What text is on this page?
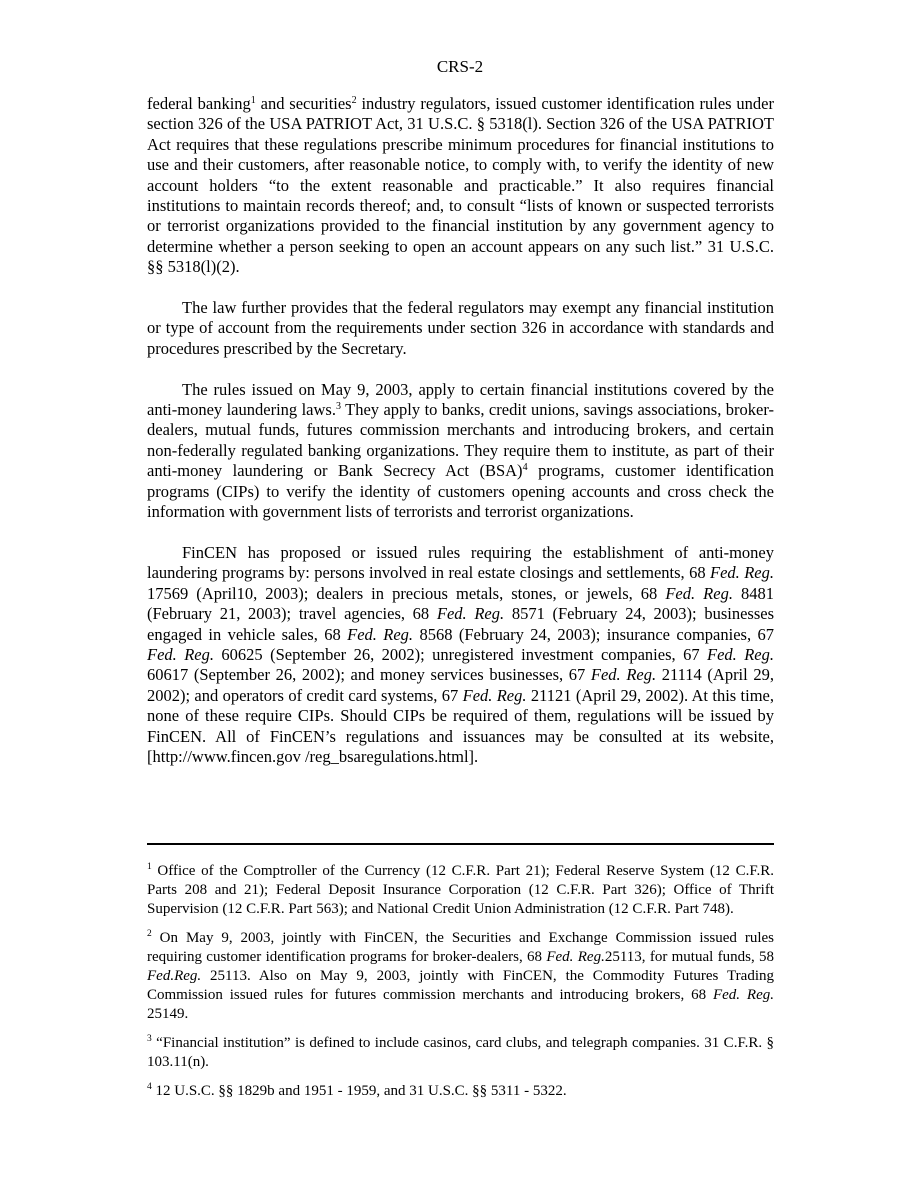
CRS-2

federal banking$^1$ and securities$^2$ industry regulators, issued customer identification rules under section 326 of the USA PATRIOT Act, 31 U.S.C. § 5318(l). Section 326 of the USA PATRIOT Act requires that these regulations prescribe minimum procedures for financial institutions to use and their customers, after reasonable notice, to comply with, to verify the identity of new account holders “to the extent reasonable and practicable.” It also requires financial institutions to maintain records thereof; and, to consult “lists of known or suspected terrorists or terrorist organizations provided to the financial institution by any government agency to determine whether a person seeking to open an account appears on any such list.” 31 U.S.C. §§ 5318(l)(2).

The law further provides that the federal regulators may exempt any financial institution or type of account from the requirements under section 326 in accordance with standards and procedures prescribed by the Secretary.

The rules issued on May 9, 2003, apply to certain financial institutions covered by the anti-money laundering laws.$^3$ They apply to banks, credit unions, savings associations, broker-dealers, mutual funds, futures commission merchants and introducing brokers, and certain non-federally regulated banking organizations. They require them to institute, as part of their anti-money laundering or Bank Secrecy Act (BSA)$^4$ programs, customer identification programs (CIPs) to verify the identity of customers opening accounts and cross check the information with government lists of terrorists and terrorist organizations.

FinCEN has proposed or issued rules requiring the establishment of anti-money laundering programs by: persons involved in real estate closings and settlements, 68 Fed. Reg. 17569 (April10, 2003); dealers in precious metals, stones, or jewels, 68 Fed. Reg. 8481 (February 21, 2003); travel agencies, 68 Fed. Reg. 8571 (February 24, 2003); businesses engaged in vehicle sales, 68 Fed. Reg. 8568 (February 24, 2003); insurance companies, 67 Fed. Reg. 60625 (September 26, 2002); unregistered investment companies, 67 Fed. Reg. 60617 (September 26, 2002); and money services businesses, 67 Fed. Reg. 21114 (April 29, 2002); and operators of credit card systems, 67 Fed. Reg. 21121 (April 29, 2002). At this time, none of these require CIPs. Should CIPs be required of them, regulations will be issued by FinCEN. All of FinCEN’s regulations and issuances may be consulted at its website, [http://www.fincen.gov /reg_bsaregulations.html].

$^1$ Office of the Comptroller of the Currency (12 C.F.R. Part 21); Federal Reserve System (12 C.F.R. Parts 208 and 21); Federal Deposit Insurance Corporation (12 C.F.R. Part 326); Office of Thrift Supervision (12 C.F.R. Part 563); and National Credit Union Administration (12 C.F.R. Part 748).

$^2$ On May 9, 2003, jointly with FinCEN, the Securities and Exchange Commission issued rules requiring customer identification programs for broker-dealers, 68 Fed. Reg.25113, for mutual funds, 58 Fed.Reg. 25113. Also on May 9, 2003, jointly with FinCEN, the Commodity Futures Trading Commission issued rules for futures commission merchants and introducing brokers, 68 Fed. Reg. 25149.

$^3$ “Financial institution” is defined to include casinos, card clubs, and telegraph companies. 31 C.F.R. § 103.11(n).

$^4$ 12 U.S.C. §§ 1829b and 1951 - 1959, and 31 U.S.C. §§ 5311 - 5322.
